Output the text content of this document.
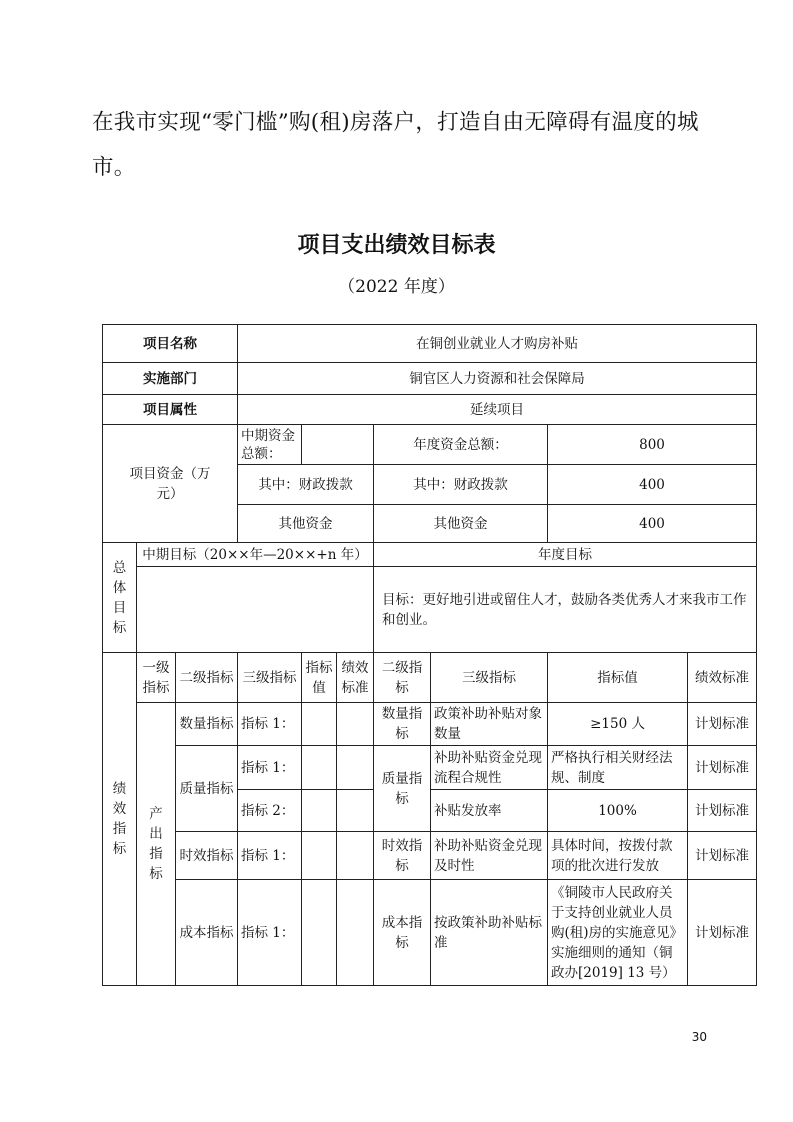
在我市实现“零门槛”购(租)房落户，打造自由无障碍有温度的城市。
项目支出绩效目标表
（2022 年度）
项目名称			在铜创业就业人才购房补贴						
实施部门			铜官区人力资源和社会保障局						
项目属性			延续项目						

项目资金（万元）			中期资金总额：			年度资金总额：		800	
			其中：财政拨款			其中：财政拨款		400	
			其他资金			其他资金		400	

总
体
目
标	中期目标（20××年—20××+n 年）					年度目标			
						目标：更好地引进或留住人才，鼓励各类优秀人才来我市工作和创业。			

绩
效
指
标	一级指标	二级指标	三级指标	指标值	绩效标准	二级指标	三级指标	指标值	绩效标准

	产
出
指
标	数量指标	指标 1：			数量指标	政策补助补贴对象数量	≥150 人	计划标准
		质量指标	指标 1：			质量指标	补助补贴资金兑现流程合规性	严格执行相关财经法规、制度	计划标准
			指标 2：				补贴发放率	100%	计划标准
		时效指标	指标 1：			时效指标	补助补贴资金兑现及时性	具体时间，按拨付款项的批次进行发放	计划标准
		成本指标	指标 1：			成本指标	按政策补助补贴标准	《铜陵市人民政府关于支持创业就业人员购(租)房的实施意见》实施细则的通知（铜政办[2019] 13 号）	计划标准
30
